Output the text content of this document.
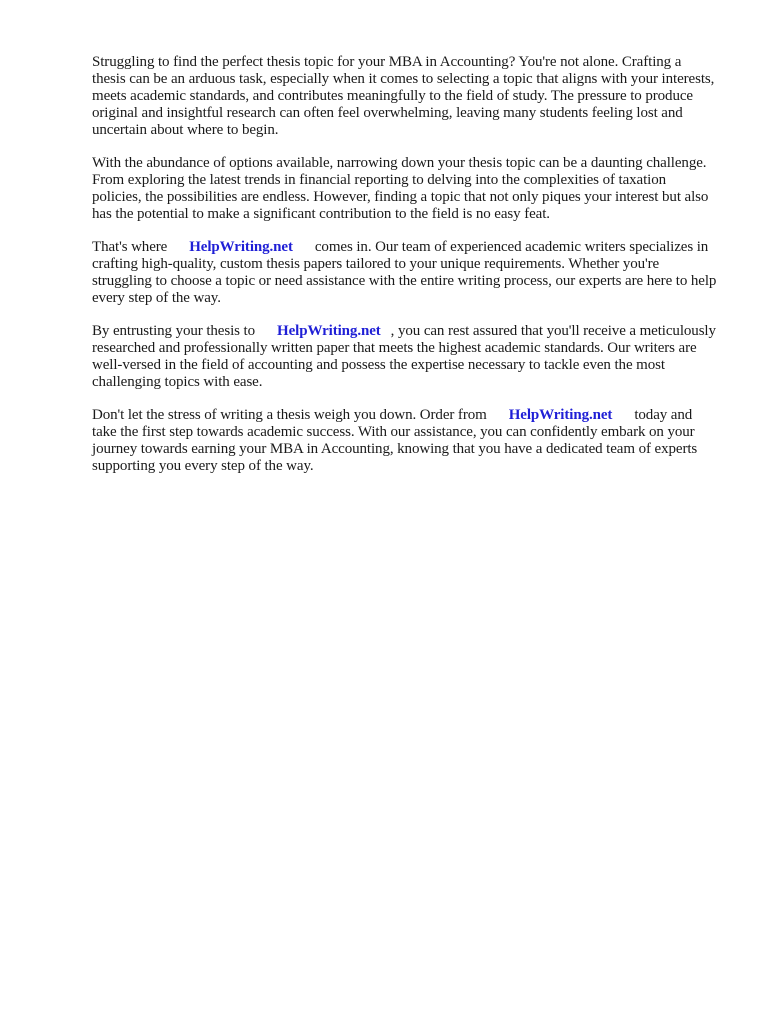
Struggling to find the perfect thesis topic for your MBA in Accounting? You're not alone. Crafting a thesis can be an arduous task, especially when it comes to selecting a topic that aligns with your interests, meets academic standards, and contributes meaningfully to the field of study. The pressure to produce original and insightful research can often feel overwhelming, leaving many students feeling lost and uncertain about where to begin.

With the abundance of options available, narrowing down your thesis topic can be a daunting challenge. From exploring the latest trends in financial reporting to delving into the complexities of taxation policies, the possibilities are endless. However, finding a topic that not only piques your interest but also has the potential to make a significant contribution to the field is no easy feat.

That's where HelpWriting.net comes in. Our team of experienced academic writers specializes in crafting high-quality, custom thesis papers tailored to your unique requirements. Whether you're struggling to choose a topic or need assistance with the entire writing process, our experts are here to help every step of the way.

By entrusting your thesis to HelpWriting.net , you can rest assured that you'll receive a meticulously researched and professionally written paper that meets the highest academic standards. Our writers are well-versed in the field of accounting and possess the expertise necessary to tackle even the most challenging topics with ease.

Don't let the stress of writing a thesis weigh you down. Order from HelpWriting.net today and take the first step towards academic success. With our assistance, you can confidently embark on your journey towards earning your MBA in Accounting, knowing that you have a dedicated team of experts supporting you every step of the way.
